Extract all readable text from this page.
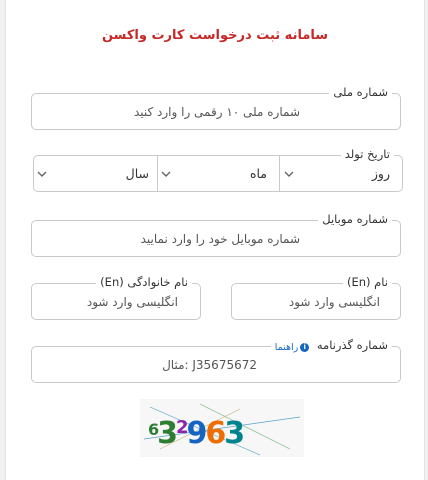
سامانه ثبت درخواست کارت واکسن
شماره ملی
شماره ملی ۱۰ رقمی را وارد کنید
تاریخ تولد
روز
ماه
سال
شماره موبایل
شماره موبایل خود را وارد نمایید
نام (En)
انگلیسی وارد شود
نام خانوادگی (En)
انگلیسی وارد شود
شماره گذرنامه
i
راهنما
مثال: J35675672
$^63^2963$
